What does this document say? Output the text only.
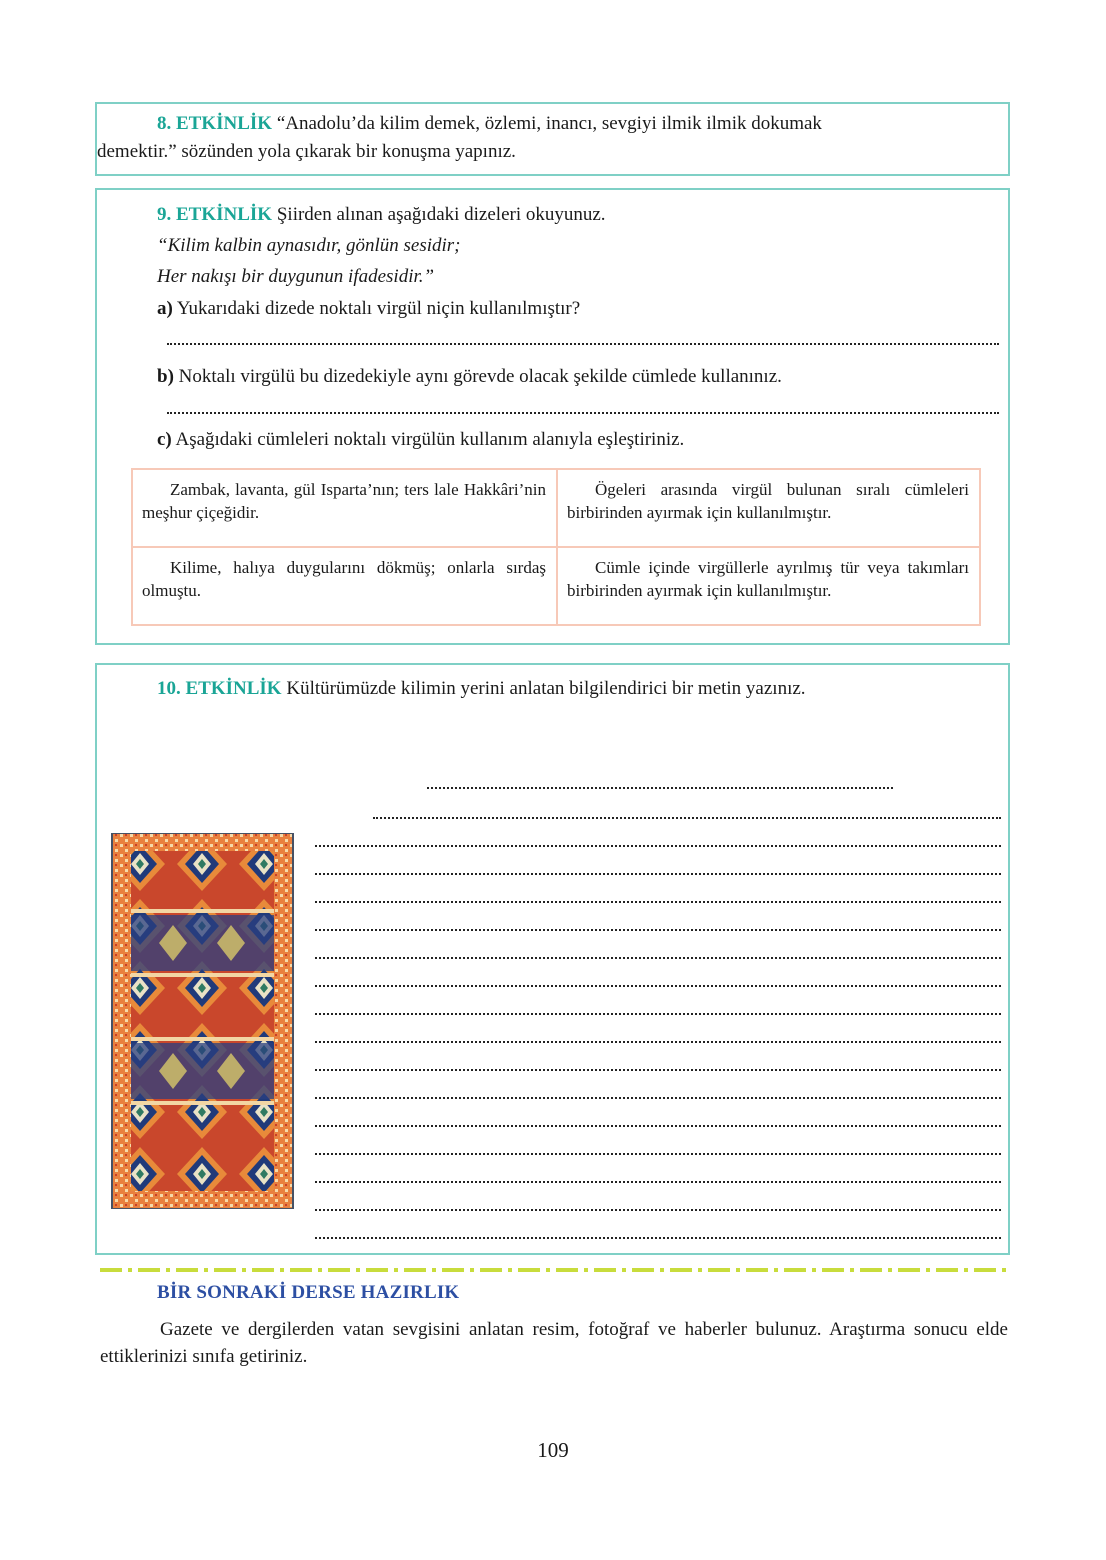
8. ETKİNLİK “Anadolu’da kilim demek, özlemi, inancı, sevgiyi ilmik ilmik dokumak
demektir.” sözünden yola çıkarak bir konuşma yapınız.
9. ETKİNLİK Şiirden alınan aşağıdaki dizeleri okuyunuz.
“Kilim kalbin aynasıdır, gönlün sesidir;
Her nakışı bir duygunun ifadesidir.”
a) Yukarıdaki dizede noktalı virgül niçin kullanılmıştır?
b) Noktalı virgülü bu dizedekiyle aynı görevde olacak şekilde cümlede kullanınız.
c) Aşağıdaki cümleleri noktalı virgülün kullanım alanıyla eşleştiriniz.

Zambak, lavanta, gül Isparta’nın; ters lale Hakkâri’nin meşhur çiçeğidir.	Ögeleri arasında virgül bulunan sıralı cümleleri birbirinden ayırmak için kullanılmıştır.

Kilime, halıya duygularını dökmüş; onlarla sırdaş olmuştu.	Cümle içinde virgüllerle ayrılmış tür veya takımları birbirinden ayırmak için kullanılmıştır.

10. ETKİNLİK Kültürümüzde kilimin yerini anlatan bilgilendirici bir metin yazınız.
BİR SONRAKİ DERSE HAZIRLIK
Gazete ve dergilerden vatan sevgisini anlatan resim, fotoğraf ve haberler bulunuz. Araştırma sonucu elde ettiklerinizi sınıfa getiriniz.
109
